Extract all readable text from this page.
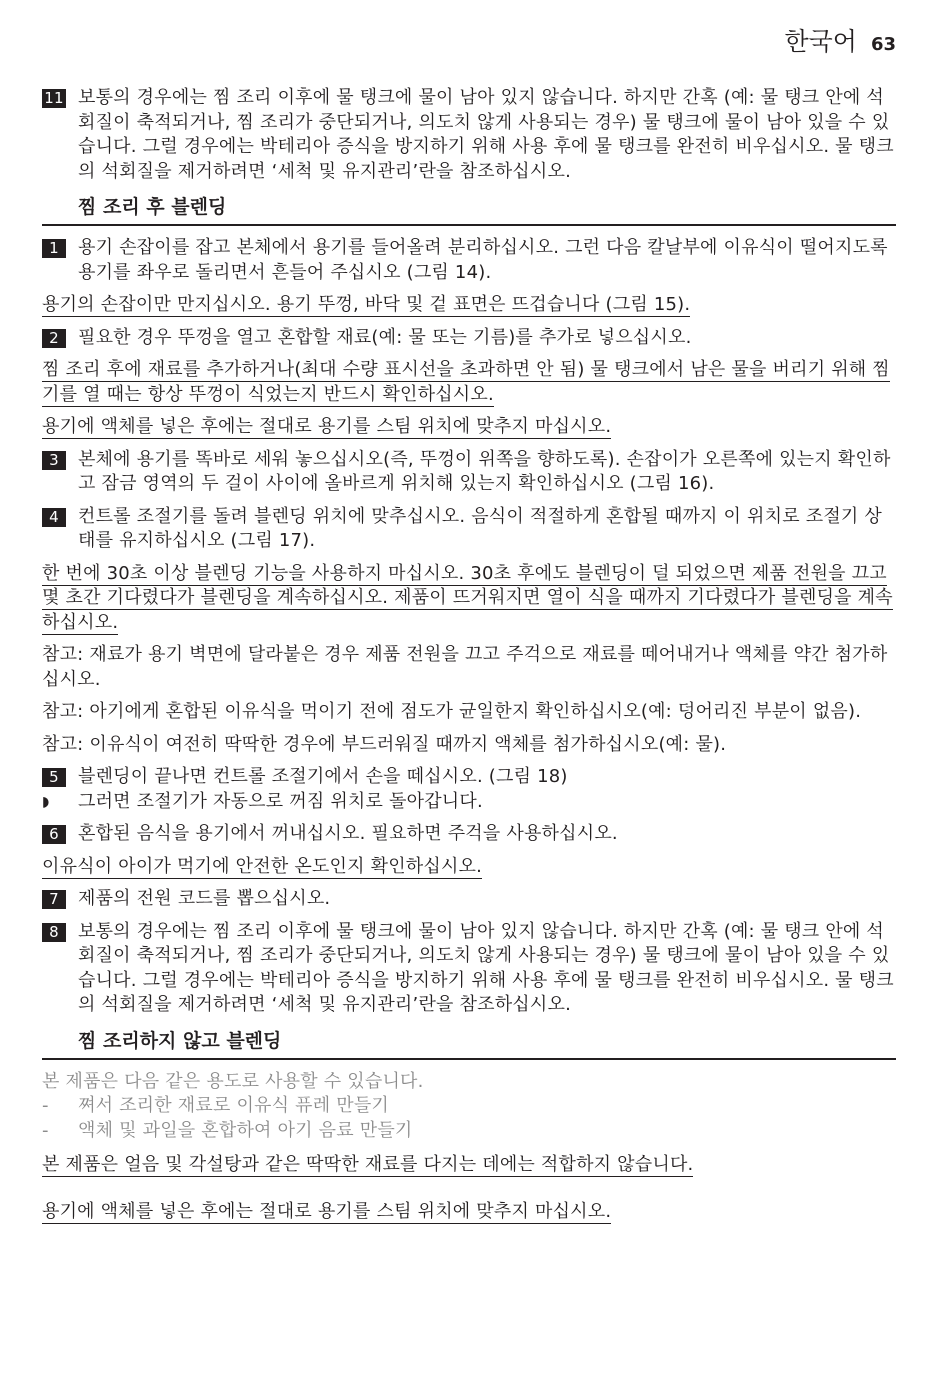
한국어 63
11 보통의 경우에는 찜 조리 이후에 물 탱크에 물이 남아 있지 않습니다. 하지만 간혹 (예: 물 탱크 안에 석회질이 축적되거나, 찜 조리가 중단되거나, 의도치 않게 사용되는 경우) 물 탱크에 물이 남아 있을 수 있습니다. 그럴 경우에는 박테리아 증식을 방지하기 위해 사용 후에 물 탱크를 완전히 비우십시오. 물 탱크의 석회질을 제거하려면 ‘세척 및 유지관리’란을 참조하십시오.
찜 조리 후 블렌딩
1	용기 손잡이를 잡고 본체에서 용기를 들어올려 분리하십시오. 그런 다음 칼날부에 이유식이 떨어지도록 용기를 좌우로 돌리면서 흔들어 주십시오 (그림 14).
용기의 손잡이만 만지십시오. 용기 뚜껑, 바닥 및 겉 표면은 뜨겁습니다 (그림 15).
2	필요한 경우 뚜껑을 열고 혼합할 재료(예: 물 또는 기름)를 추가로 넣으십시오.
찜 조리 후에 재료를 추가하거나(최대 수량 표시선을 초과하면 안 됨) 물 탱크에서 남은 물을 버리기 위해 찜기를 열 때는 항상 뚜껑이 식었는지 반드시 확인하십시오.
용기에 액체를 넣은 후에는 절대로 용기를 스팀 위치에 맞추지 마십시오.
3	본체에 용기를 똑바로 세워 놓으십시오(즉, 뚜껑이 위쪽을 향하도록). 손잡이가 오른쪽에 있는지 확인하고 잠금 영역의 두 걸이 사이에 올바르게 위치해 있는지 확인하십시오 (그림 16).
4	컨트롤 조절기를 돌려 블렌딩 위치에 맞추십시오. 음식이 적절하게 혼합될 때까지 이 위치로 조절기 상태를 유지하십시오 (그림 17).
한 번에 30초 이상 블렌딩 기능을 사용하지 마십시오. 30초 후에도 블렌딩이 덜 되었으면 제품 전원을 끄고 몇 초간 기다렸다가 블렌딩을 계속하십시오. 제품이 뜨거워지면 열이 식을 때까지 기다렸다가 블렌딩을 계속하십시오.
참고: 재료가 용기 벽면에 달라붙은 경우 제품 전원을 끄고 주걱으로 재료를 떼어내거나 액체를 약간 첨가하십시오.
참고: 아기에게 혼합된 이유식을 먹이기 전에 점도가 균일한지 확인하십시오(예: 덩어리진 부분이 없음).
참고: 이유식이 여전히 딱딱한 경우에 부드러워질 때까지 액체를 첨가하십시오(예: 물).
5	블렌딩이 끝나면 컨트롤 조절기에서 손을 떼십시오. (그림 18)
◗ 그러면 조절기가 자동으로 꺼짐 위치로 돌아갑니다.
6	혼합된 음식을 용기에서 꺼내십시오. 필요하면 주걱을 사용하십시오.
이유식이 아이가 먹기에 안전한 온도인지 확인하십시오.
7	제품의 전원 코드를 뽑으십시오.
8	보통의 경우에는 찜 조리 이후에 물 탱크에 물이 남아 있지 않습니다. 하지만 간혹 (예: 물 탱크 안에 석회질이 축적되거나, 찜 조리가 중단되거나, 의도치 않게 사용되는 경우) 물 탱크에 물이 남아 있을 수 있습니다. 그럴 경우에는 박테리아 증식을 방지하기 위해 사용 후에 물 탱크를 완전히 비우십시오. 물 탱크의 석회질을 제거하려면 ‘세척 및 유지관리’란을 참조하십시오.
찜 조리하지 않고 블렌딩
본 제품은 다음 같은 용도로 사용할 수 있습니다.
- 쪄서 조리한 재료로 이유식 퓨레 만들기
- 액체 및 과일을 혼합하여 아기 음료 만들기
본 제품은 얼음 및 각설탕과 같은 딱딱한 재료를 다지는 데에는 적합하지 않습니다.
용기에 액체를 넣은 후에는 절대로 용기를 스팀 위치에 맞추지 마십시오.
